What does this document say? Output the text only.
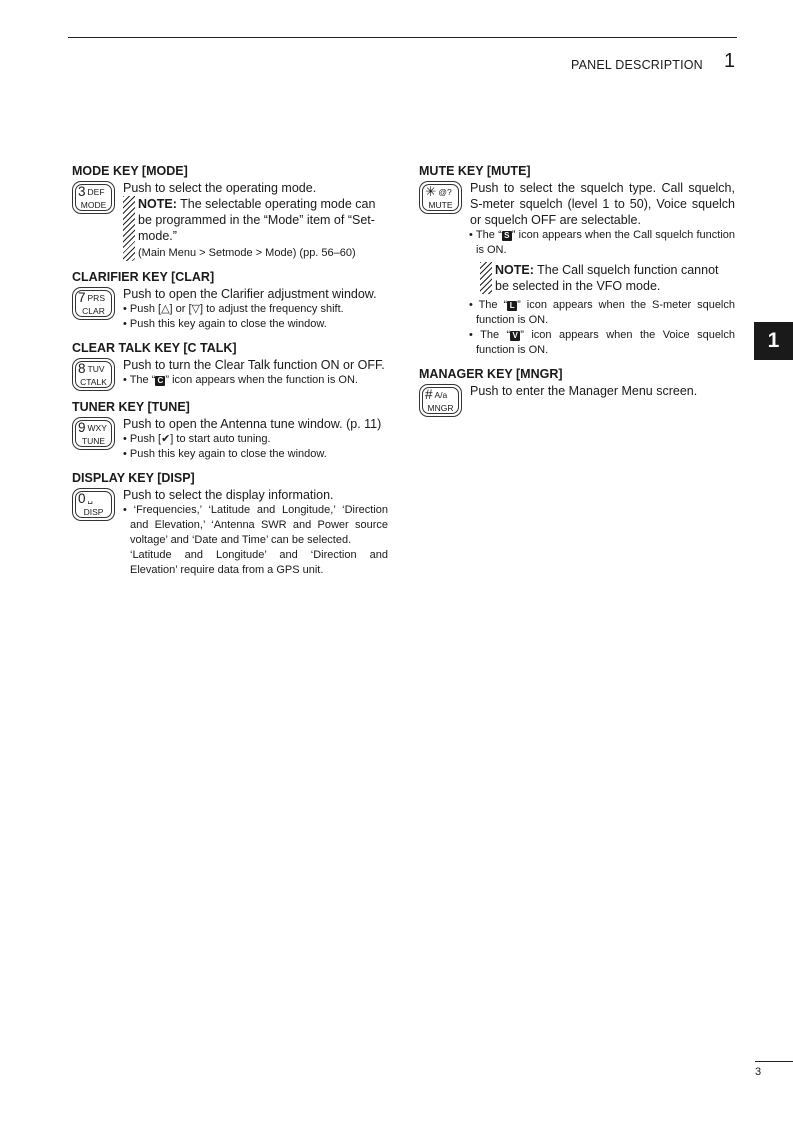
PANEL DESCRIPTION 1
1
MODE KEY [MODE]
3 DEF
MODE
Push to select the operating mode.
NOTE: The selectable operating mode can be programmed in the “Mode” item of “Set-mode.”
(Main Menu > Setmode > Mode) (pp. 56–60)
CLARIFIER KEY [CLAR]
7 PRS
CLAR
Push to open the Clarifier adjustment window.
• Push [△] or [▽] to adjust the frequency shift.
• Push this key again to close the window.
CLEAR TALK KEY [C TALK]
8 TUV
CTALK
Push to turn the Clear Talk function ON or OFF.
• The “ C ” icon appears when the function is ON.
TUNER KEY [TUNE]
9 WXY
TUNE
Push to open the Antenna tune window. (p. 11)
• Push [✔] to start auto tuning.
• Push this key again to close the window.
DISPLAY KEY [DISP]
0 ␣
DISP
Push to select the display information.
• ‘Frequencies,’ ‘Latitude and Longitude,’ ‘Direction and Elevation,’ ‘Antenna SWR and Power source voltage’ and ‘Date and Time’ can be selected.
‘Latitude and Longitude’ and ‘Direction and Elevation’ require data from a GPS unit.
MUTE KEY [MUTE]
✳ @?
MUTE
Push to select the squelch type. Call squelch, S-meter squelch (level 1 to 50), Voice squelch or squelch OFF are selectable.
• The “ S ” icon appears when the Call squelch function is ON.
NOTE: The Call squelch function cannot be selected in the VFO mode.
• The “ L ” icon appears when the S-meter squelch function is ON.
• The “ V ” icon appears when the Voice squelch function is ON.
MANAGER KEY [MNGR]
# A/a
MNGR
Push to enter the Manager Menu screen.
3
